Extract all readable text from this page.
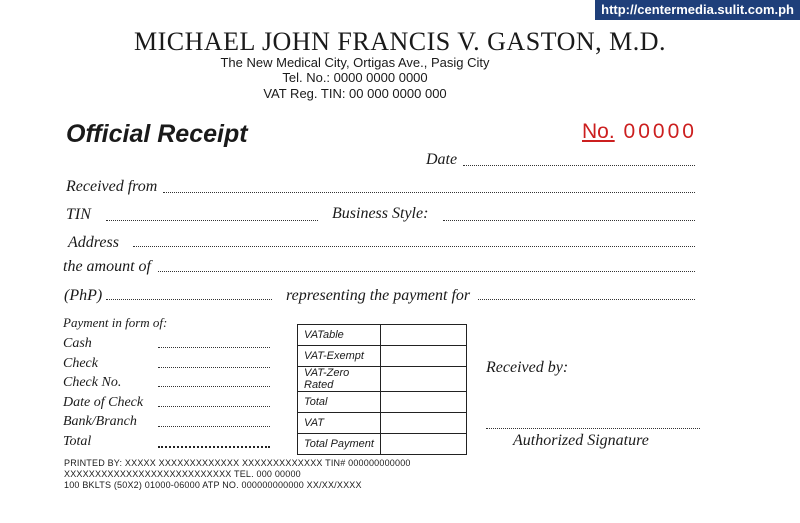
http://centermedia.sulit.com.ph
MICHAEL JOHN FRANCIS V. GASTON, M.D.
The New Medical City, Ortigas Ave., Pasig City
Tel. No.: 0000 0000 0000
VAT Reg. TIN: 00 000 0000 000
Official Receipt	No. 00000
Date
Received from
TIN	Business Style:
Address
the amount of
(PhP)	representing the payment for
Payment in form of:
Cash
Check
Check No.
Date of Check
Bank/Branch
Total
VATable	
VAT-Exempt	
VAT-Zero Rated	
Total	
VAT	
Total Payment	
Received by:
Authorized Signature
PRINTED BY: XXXXX XXXXXXXXXXXXX XXXXXXXXXXXXX TIN# 000000000000
XXXXXXXXXXXXXXXXXXXXXXXXXXX TEL. 000 00000
100 BKLTS (50X2) 01000-06000 ATP NO. 000000000000 XX/XX/XXXX
